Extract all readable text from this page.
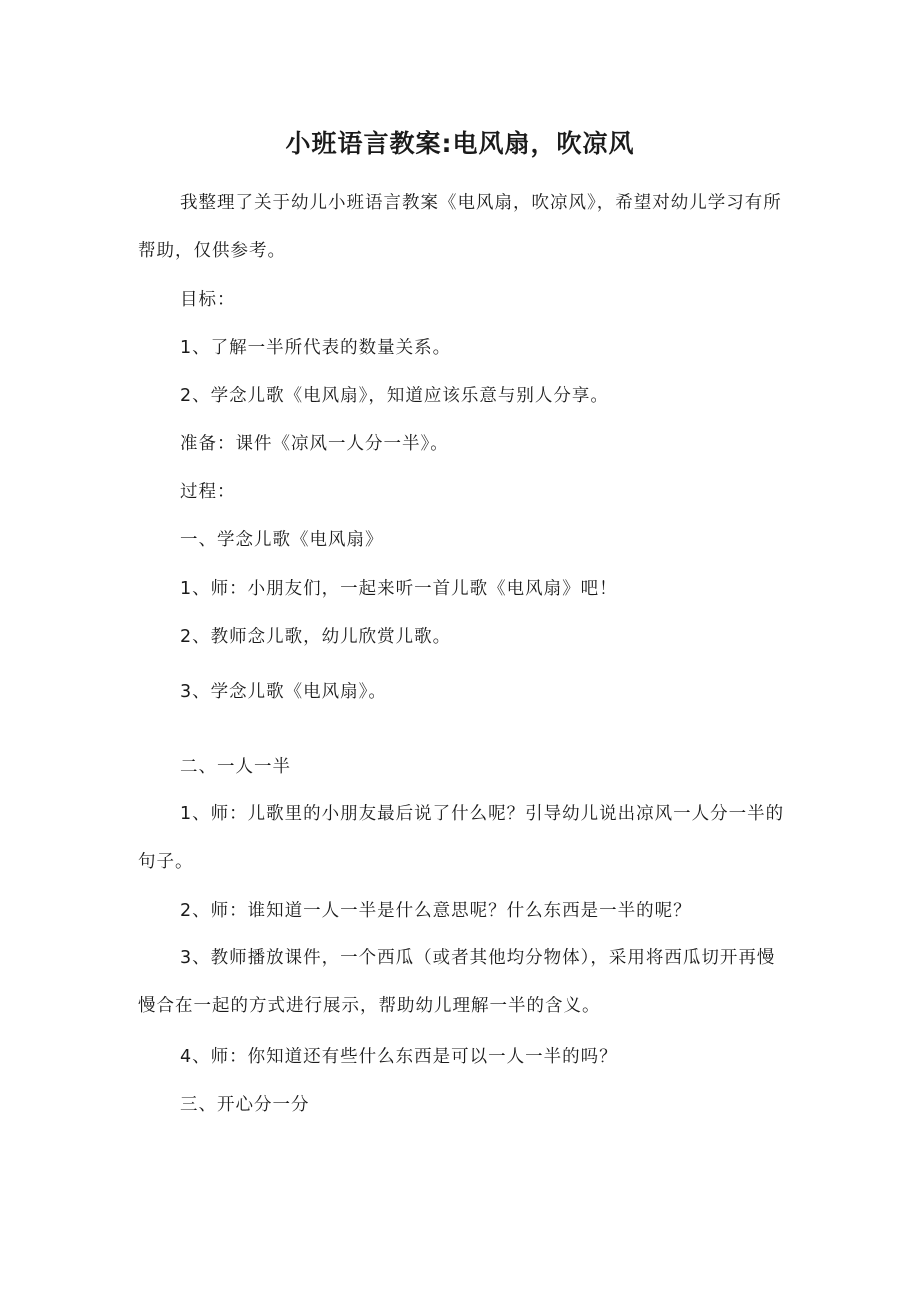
小班语言教案:电风扇，吹凉风
我整理了关于幼儿小班语言教案《电风扇，吹凉风》，希望对幼儿学习有所帮助，仅供参考。
目标：
1、了解一半所代表的数量关系。
2、学念儿歌《电风扇》，知道应该乐意与别人分享。
准备：课件《凉风一人分一半》。
过程：
一、学念儿歌《电风扇》
1、师：小朋友们，一起来听一首儿歌《电风扇》吧！
2、教师念儿歌，幼儿欣赏儿歌。
3、学念儿歌《电风扇》。
二、一人一半
1、师：儿歌里的小朋友最后说了什么呢？引导幼儿说出凉风一人分一半的句子。
2、师：谁知道一人一半是什么意思呢？什么东西是一半的呢？
3、教师播放课件，一个西瓜（或者其他均分物体），采用将西瓜切开再慢慢合在一起的方式进行展示，帮助幼儿理解一半的含义。
4、师：你知道还有些什么东西是可以一人一半的吗？
三、开心分一分
